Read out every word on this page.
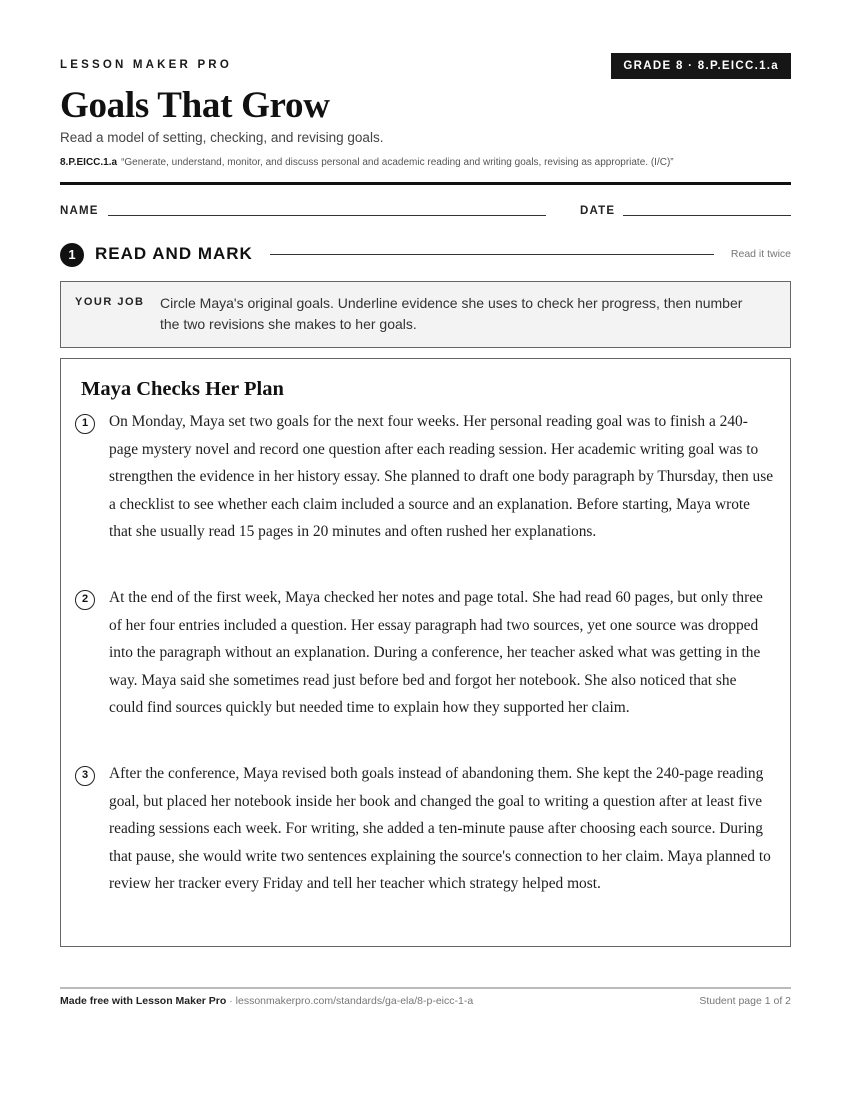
LESSON MAKER PRO	GRADE 8 · 8.P.EICC.1.a
Goals That Grow
Read a model of setting, checking, and revising goals.
8.P.EICC.1.a “Generate, understand, monitor, and discuss personal and academic reading and writing goals, revising as appropriate. (I/C)”
NAME	DATE
1	READ AND MARK	Read it twice
YOUR JOB Circle Maya's original goals. Underline evidence she uses to check her progress, then number the two revisions she makes to her goals.
Maya Checks Her Plan
1	On Monday, Maya set two goals for the next four weeks. Her personal reading goal was to finish a 240-page mystery novel and record one question after each reading session. Her academic writing goal was to strengthen the evidence in her history essay. She planned to draft one body paragraph by Thursday, then use a checklist to see whether each claim included a source and an explanation. Before starting, Maya wrote that she usually read 15 pages in 20 minutes and often rushed her explanations.
2	At the end of the first week, Maya checked her notes and page total. She had read 60 pages, but only three of her four entries included a question. Her essay paragraph had two sources, yet one source was dropped into the paragraph without an explanation. During a conference, her teacher asked what was getting in the way. Maya said she sometimes read just before bed and forgot her notebook. She also noticed that she could find sources quickly but needed time to explain how they supported her claim.
3	After the conference, Maya revised both goals instead of abandoning them. She kept the 240-page reading goal, but placed her notebook inside her book and changed the goal to writing a question after at least five reading sessions each week. For writing, she added a ten-minute pause after choosing each source. During that pause, she would write two sentences explaining the source's connection to her claim. Maya planned to review her tracker every Friday and tell her teacher which strategy helped most.
Made free with Lesson Maker Pro · lessonmakerpro.com/standards/ga-ela/8-p-eicc-1-a	Student page 1 of 2
